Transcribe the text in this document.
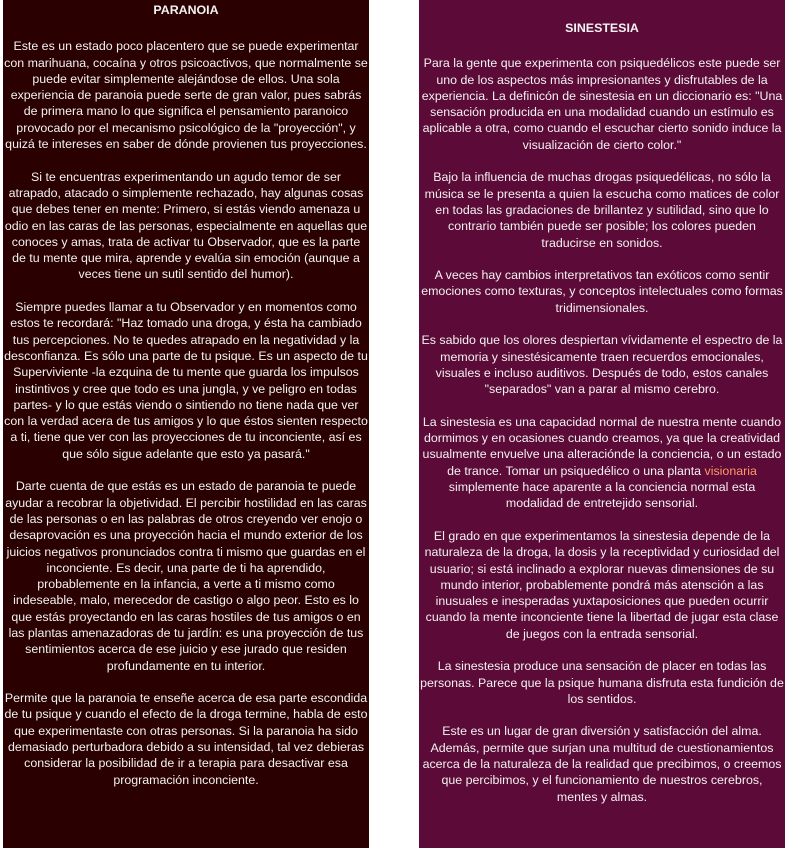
PARANOIA

Este es un estado poco placentero que se puede experimentar con marihuana, cocaína y otros psicoactivos, que normalmente se puede evitar simplemente alejándose de ellos. Una sola experiencia de paranoia puede serte de gran valor, pues sabrás de primera mano lo que significa el pensamiento paranoico provocado por el mecanismo psicológico de la "proyección", y quizá te intereses en saber de dónde provienen tus proyecciones.

Si te encuentras experimentando un agudo temor de ser atrapado, atacado o simplemente rechazado, hay algunas cosas que debes tener en mente: Primero, si estás viendo amenaza u odio en las caras de las personas, especialmente en aquellas que conoces y amas, trata de activar tu Observador, que es la parte de tu mente que mira, aprende y evalúa sin emoción (aunque a veces tiene un sutil sentido del humor).

Siempre puedes llamar a tu Observador y en momentos como estos te recordará: "Haz tomado una droga, y ésta ha cambiado tus percepciones. No te quedes atrapado en la negatividad y la desconfianza. Es sólo una parte de tu psique. Es un aspecto de tu Superviviente -la ezquina de tu mente que guarda los impulsos instintivos y cree que todo es una jungla, y ve peligro en todas partes- y lo que estás viendo o sintiendo no tiene nada que ver con la verdad acera de tus amigos y lo que éstos sienten respecto a ti, tiene que ver con las proyecciones de tu inconciente, así es que sólo sigue adelante que esto ya pasará."

Darte cuenta de que estás es un estado de paranoia te puede ayudar a recobrar la objetividad. El percibir hostilidad en las caras de las personas o en las palabras de otros creyendo ver enojo o desaprovación es una proyección hacia el mundo exterior de los juicios negativos pronunciados contra ti mismo que guardas en el inconciente. Es decir, una parte de ti ha aprendido, probablemente en la infancia, a verte a ti mismo como indeseable, malo, merecedor de castigo o algo peor. Esto es lo que estás proyectando en las caras hostiles de tus amigos o en las plantas amenazadoras de tu jardín: es una proyección de tus sentimientos acerca de ese juicio y ese jurado que residen profundamente en tu interior.

Permite que la paranoia te enseñe acerca de esa parte escondida de tu psique y cuando el efecto de la droga termine, habla de esto que experimentaste con otras personas. Si la paranoia ha sido demasiado perturbadora debido a su intensidad, tal vez debieras considerar la posibilidad de ir a terapia para desactivar esa programación inconciente.

SINESTESIA

Para la gente que experimenta con psiquedélicos este puede ser uno de los aspectos más impresionantes y disfrutables de la experiencia. La definicón de sinestesia en un diccionario es: "Una sensación producida en una modalidad cuando un estímulo es aplicable a otra, como cuando el escuchar cierto sonido induce la visualización de cierto color."

Bajo la influencia de muchas drogas psiquedélicas, no sólo la música se le presenta a quien la escucha como matices de color en todas las gradaciones de brillantez y sutilidad, sino que lo contrario también puede ser posible; los colores pueden traducirse en sonidos.

A veces hay cambios interpretativos tan exóticos como sentir emociones como texturas, y conceptos intelectuales como formas tridimensionales.

Es sabido que los olores despiertan vívidamente el espectro de la memoria y sinestésicamente traen recuerdos emocionales, visuales e incluso auditivos. Después de todo, estos canales "separados" van a parar al mismo cerebro.

La sinestesia es una capacidad normal de nuestra mente cuando dormimos y en ocasiones cuando creamos, ya que la creatividad usualmente envuelve una alteraciónde la conciencia, o un estado de trance. Tomar un psiquedélico o una planta visionaria simplemente hace aparente a la conciencia normal esta modalidad de entretejido sensorial.

El grado en que experimentamos la sinestesia depende de la naturaleza de la droga, la dosis y la receptividad y curiosidad del usuario; si está inclinado a explorar nuevas dimensiones de su mundo interior, probablemente pondrá más atensción a las inusuales e inesperadas yuxtaposiciones que pueden ocurrir cuando la mente inconciente tiene la libertad de jugar esta clase de juegos con la entrada sensorial.

La sinestesia produce una sensación de placer en todas las personas. Parece que la psique humana disfruta esta fundición de los sentidos.

Este es un lugar de gran diversión y satisfacción del alma. Además, permite que surjan una multitud de cuestionamientos acerca de la naturaleza de la realidad que precibimos, o creemos que percibimos, y el funcionamiento de nuestros cerebros, mentes y almas.
